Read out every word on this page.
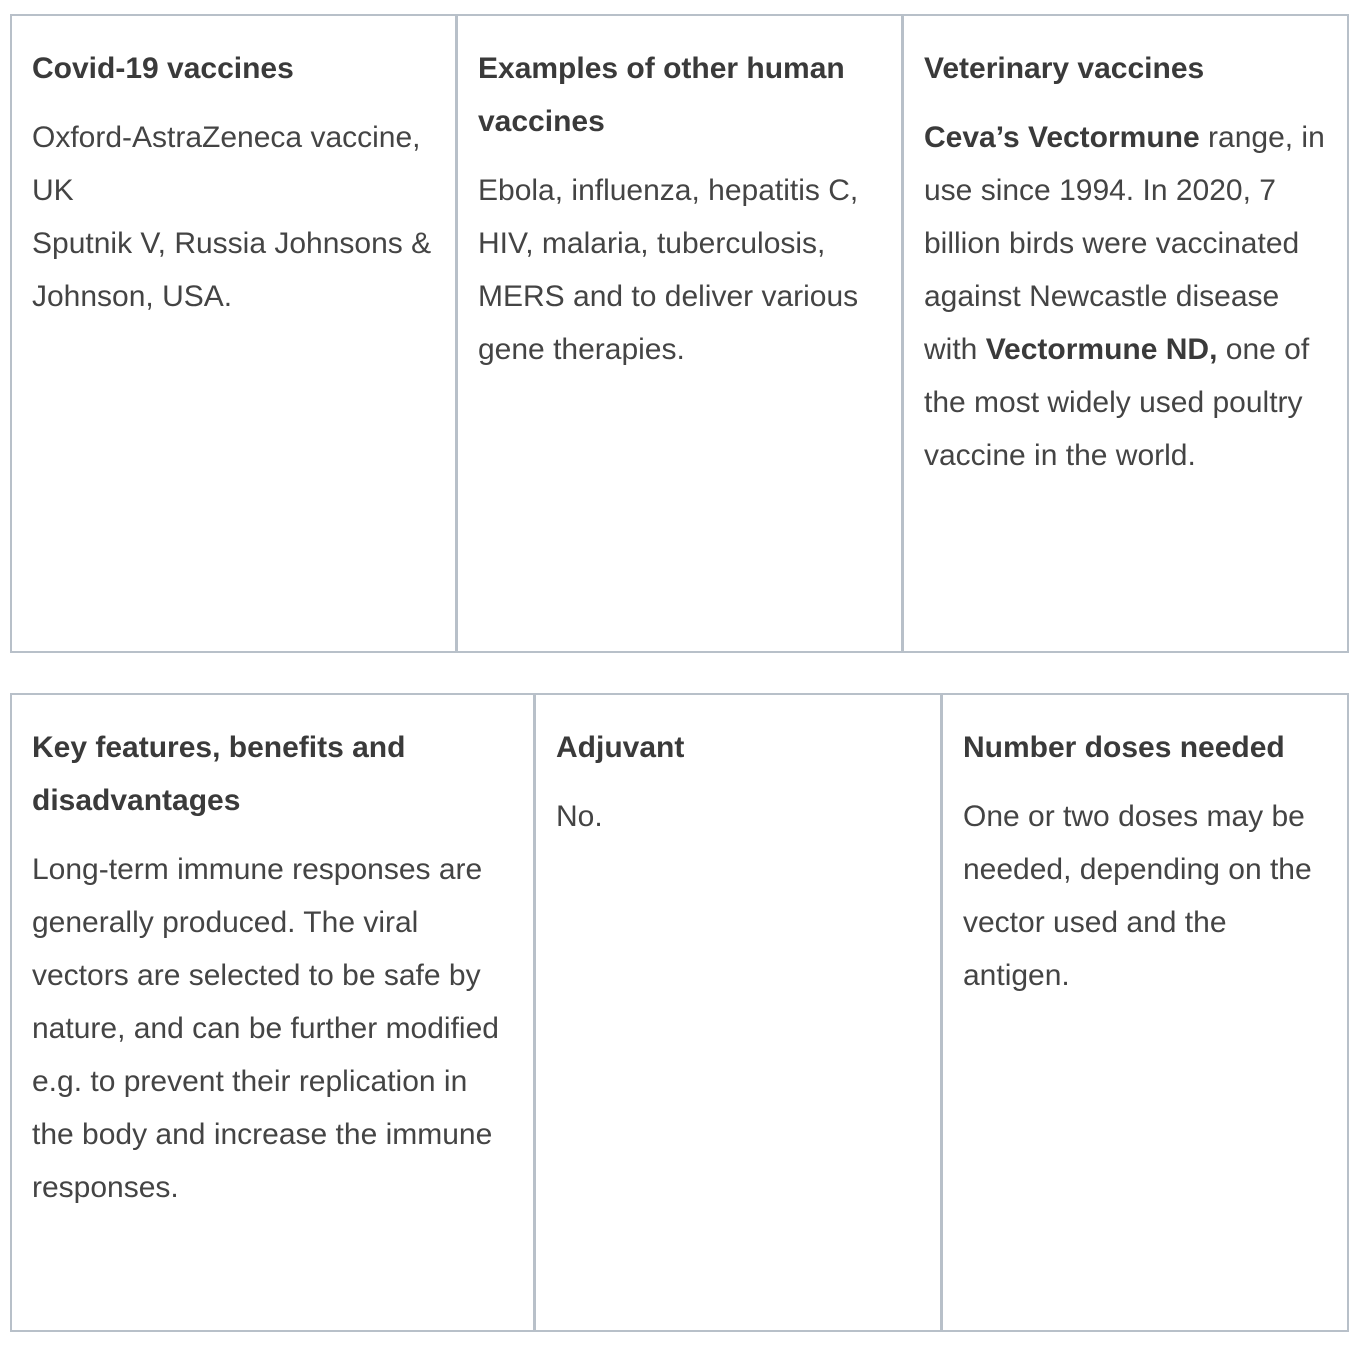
Covid-19 vaccines

Oxford-AstraZeneca vaccine, UK
Sputnik V, Russia Johnsons & Johnson, USA.

Examples of other human vaccines

Ebola, influenza, hepatitis C, HIV, malaria, tuberculosis, MERS and to deliver various gene therapies.

Veterinary vaccines

Ceva’s Vectormune range, in use since 1994. In 2020, 7 billion birds were vaccinated against Newcastle disease with Vectormune ND, one of the most widely used poultry vaccine in the world.

Key features, benefits and disadvantages

Long-term immune responses are generally produced. The viral vectors are selected to be safe by nature, and can be further modified e.g. to prevent their replication in the body and increase the immune responses.

Adjuvant

No.

Number doses needed

One or two doses may be needed, depending on the vector used and the antigen.
